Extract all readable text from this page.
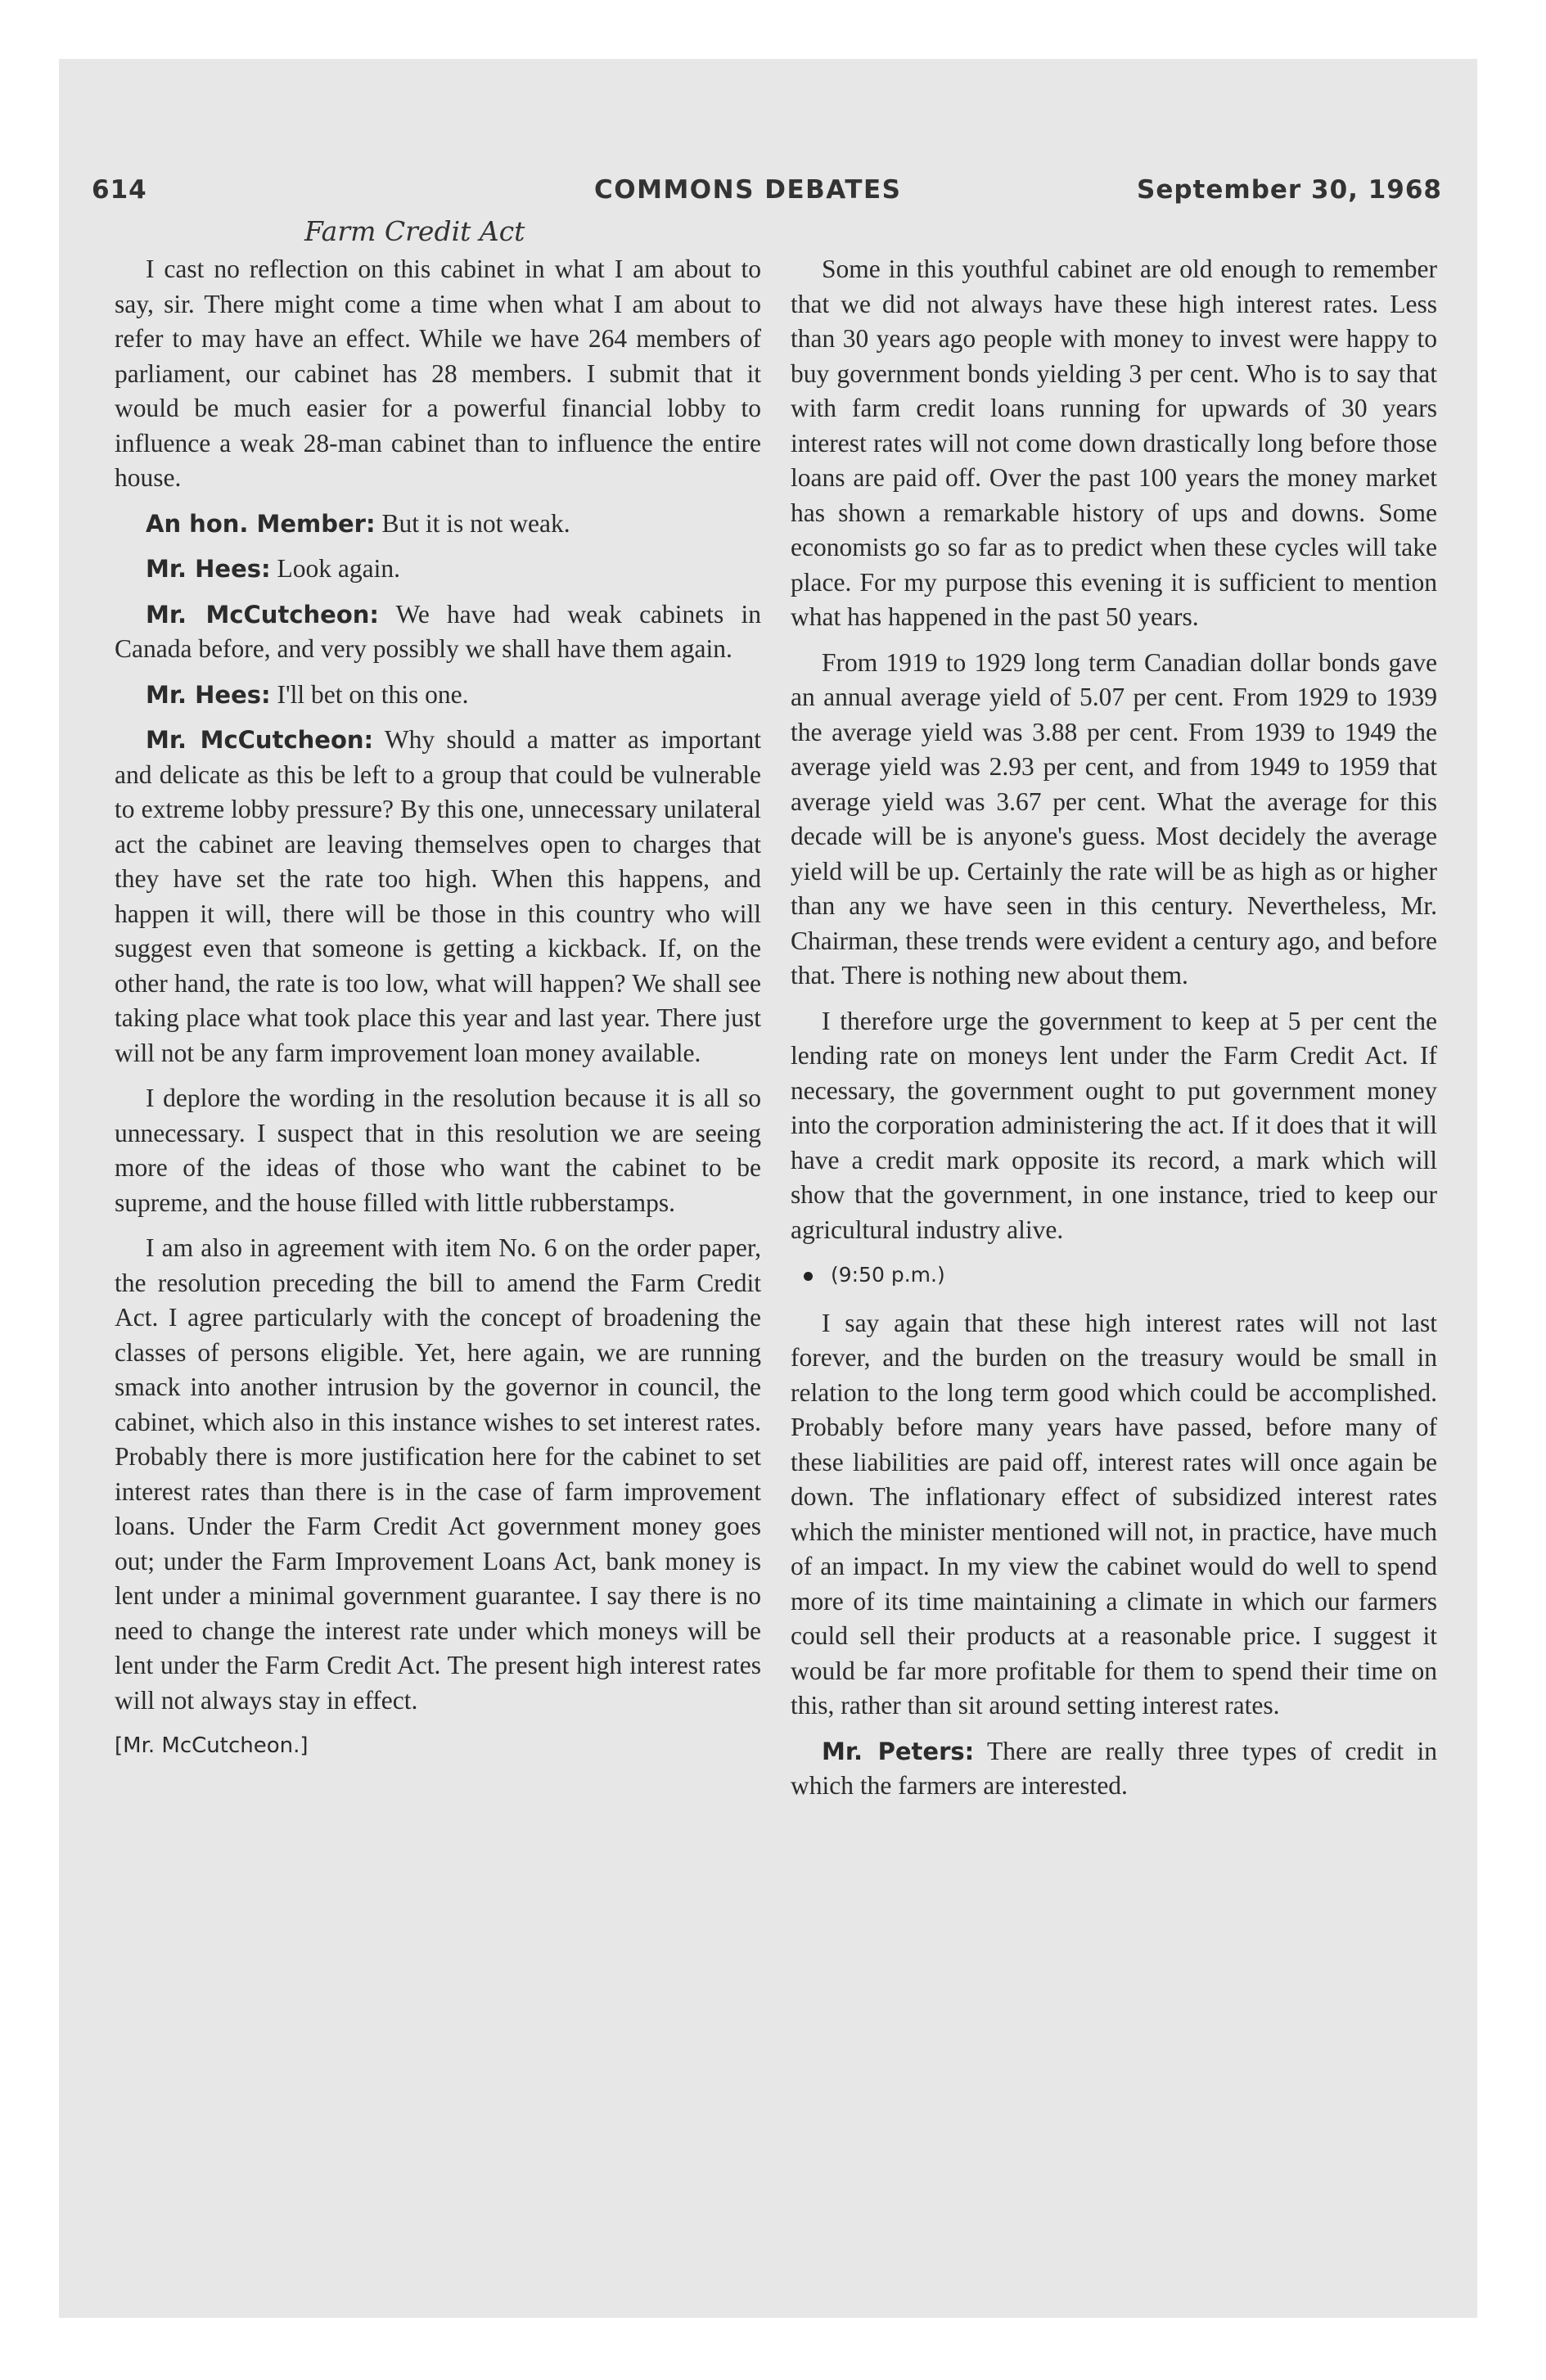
614	COMMONS DEBATES	September 30, 1968
Farm Credit Act

I cast no reflection on this cabinet in what I am about to say, sir. There might come a time when what I am about to refer to may have an effect. While we have 264 members of parliament, our cabinet has 28 members. I submit that it would be much easier for a powerful financial lobby to influence a weak 28-man cabinet than to influence the entire house.

An hon. Member: But it is not weak.

Mr. Hees: Look again.

Mr. McCutcheon: We have had weak cabinets in Canada before, and very possibly we shall have them again.

Mr. Hees: I'll bet on this one.

Mr. McCutcheon: Why should a matter as important and delicate as this be left to a group that could be vulnerable to extreme lobby pressure? By this one, unnecessary unilateral act the cabinet are leaving themselves open to charges that they have set the rate too high. When this happens, and happen it will, there will be those in this country who will suggest even that someone is getting a kickback. If, on the other hand, the rate is too low, what will happen? We shall see taking place what took place this year and last year. There just will not be any farm improvement loan money available.

I deplore the wording in the resolution because it is all so unnecessary. I suspect that in this resolution we are seeing more of the ideas of those who want the cabinet to be supreme, and the house filled with little rubberstamps.

I am also in agreement with item No. 6 on the order paper, the resolution preceding the bill to amend the Farm Credit Act. I agree particularly with the concept of broadening the classes of persons eligible. Yet, here again, we are running smack into another intrusion by the governor in council, the cabinet, which also in this instance wishes to set interest rates. Probably there is more justification here for the cabinet to set interest rates than there is in the case of farm improvement loans. Under the Farm Credit Act government money goes out; under the Farm Improvement Loans Act, bank money is lent under a minimal government guarantee. I say there is no need to change the interest rate under which moneys will be lent under the Farm Credit Act. The present high interest rates will not always stay in effect.

[Mr. McCutcheon.]

Some in this youthful cabinet are old enough to remember that we did not always have these high interest rates. Less than 30 years ago people with money to invest were happy to buy government bonds yielding 3 per cent. Who is to say that with farm credit loans running for upwards of 30 years interest rates will not come down drastically long before those loans are paid off. Over the past 100 years the money market has shown a remarkable history of ups and downs. Some economists go so far as to predict when these cycles will take place. For my purpose this evening it is sufficient to mention what has happened in the past 50 years.

From 1919 to 1929 long term Canadian dollar bonds gave an annual average yield of 5.07 per cent. From 1929 to 1939 the average yield was 3.88 per cent. From 1939 to 1949 the average yield was 2.93 per cent, and from 1949 to 1959 that average yield was 3.67 per cent. What the average for this decade will be is anyone's guess. Most decidely the average yield will be up. Certainly the rate will be as high as or higher than any we have seen in this century. Nevertheless, Mr. Chairman, these trends were evident a century ago, and before that. There is nothing new about them.

I therefore urge the government to keep at 5 per cent the lending rate on moneys lent under the Farm Credit Act. If necessary, the government ought to put government money into the corporation administering the act. If it does that it will have a credit mark opposite its record, a mark which will show that the government, in one instance, tried to keep our agricultural industry alive.

(9:50 p.m.)

I say again that these high interest rates will not last forever, and the burden on the treasury would be small in relation to the long term good which could be accomplished. Probably before many years have passed, before many of these liabilities are paid off, interest rates will once again be down. The inflationary effect of subsidized interest rates which the minister mentioned will not, in practice, have much of an impact. In my view the cabinet would do well to spend more of its time maintaining a climate in which our farmers could sell their products at a reasonable price. I suggest it would be far more profitable for them to spend their time on this, rather than sit around setting interest rates.

Mr. Peters: There are really three types of credit in which the farmers are interested.
